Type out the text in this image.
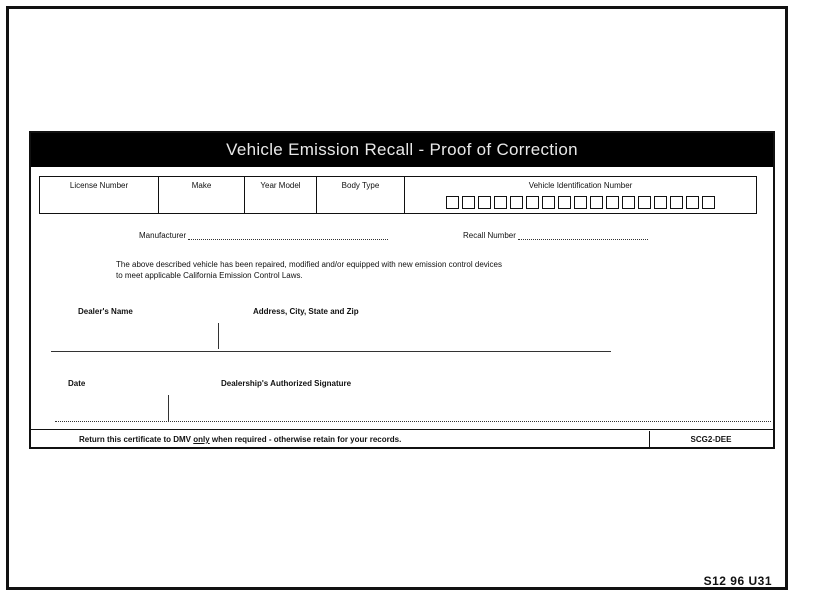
Vehicle Emission Recall - Proof of Correction
License Number	Make	Year Model	Body Type	Vehicle Identification Number
Manufacturer	Recall Number
The above described vehicle has been repaired, modified and/or equipped with new emission control devices
to meet applicable California Emission Control Laws.
Dealer's Name	Address, City, State and Zip
Date	Dealership's Authorized Signature
Return this certificate to DMV only when required - otherwise retain for your records.	SCG2-DEE
S12 96 U31
